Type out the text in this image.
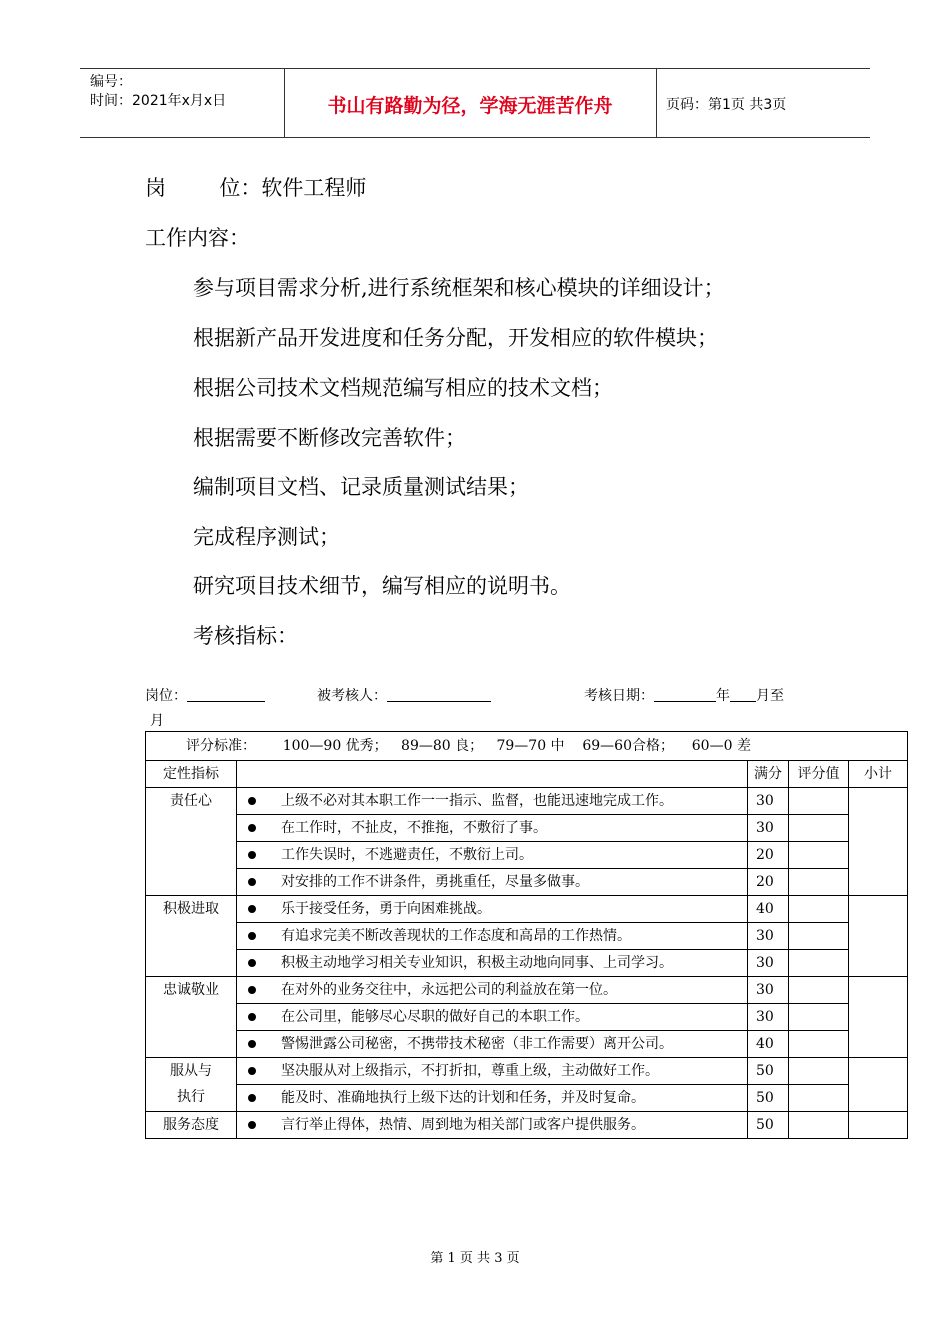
编号：
时间：2021年x月x日	书山有路勤为径，学海无涯苦作舟	页码：第1页 共3页
岗        位：软件工程师
工作内容：
参与项目需求分析,进行系统框架和核心模块的详细设计；
根据新产品开发进度和任务分配，开发相应的软件模块；
根据公司技术文档规范编写相应的技术文档；
根据需要不断修改完善软件；
编制项目文档、记录质量测试结果；
完成程序测试；
研究项目技术细节，编写相应的说明书。
考核指标：
岗位：	被考核人：	考核日期：	年 月至
月
评分标准：      100—90 优秀；   89—80 良；   79—70 中    69—60合格；    60—0 差				
定性指标		满分	评分值	小计
责任心	上级不必对其本职工作一一指示、监督，也能迅速地完成工作。	30		

在工作时，不扯皮，不推拖，不敷衍了事。	30		

工作失误时，不逃避责任，不敷衍上司。	20		

对安排的工作不讲条件，勇挑重任，尽量多做事。	20		
积极进取	乐于接受任务，勇于向困难挑战。	40		

有追求完美不断改善现状的工作态度和高昂的工作热情。	30		

积极主动地学习相关专业知识，积极主动地向同事、上司学习。	30		
忠诚敬业	在对外的业务交往中，永远把公司的利益放在第一位。	30		

在公司里，能够尽心尽职的做好自己的本职工作。	30		

警惕泄露公司秘密，不携带技术秘密（非工作需要）离开公司。	40		
服从与执行	坚决服从对上级指示，不打折扣，尊重上级，主动做好工作。	50		

能及时、准确地执行上级下达的计划和任务，并及时复命。	50		
服务态度	言行举止得体，热情、周到地为相关部门或客户提供服务。	50		
第 1 页 共 3 页
